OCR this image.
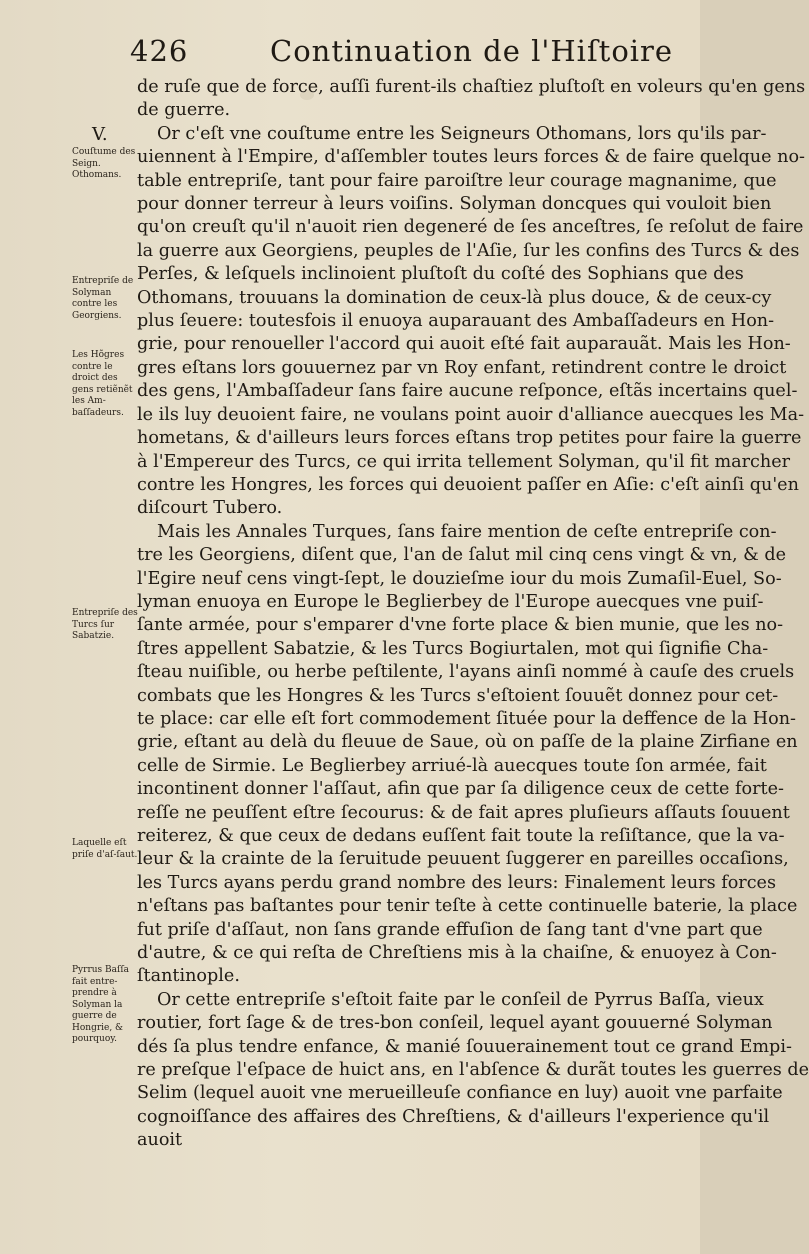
426	Continuation de l'Hiſtoire
V.
Couſtume des Seign. Othomans.
Entrepriſe de Solyman contre les Georgiens.
Les Hõgres contre le droict des gens retiẽnẽt les Am-baſſadeurs.
Entrepriſe des Turcs ſur Sabatzie.
Laquelle eſt priſe d'aſ-ſaut.
Pyrrus Baſſa fait entre-prendre à Solyman la guerre de Hongrie, & pourquoy.

de ruſe que de force, auſſi furent-ils chaſtiez pluſtoſt en voleurs qu'en gens
de guerre.

Or c'eſt vne couſtume entre les Seigneurs Othomans, lors qu'ils par-
uiennent à l'Empire, d'aſſembler toutes leurs forces & de faire quelque no-
table entrepriſe, tant pour faire paroiſtre leur courage magnanime, que
pour donner terreur à leurs voiſins. Solyman doncques qui vouloit bien
qu'on creuſt qu'il n'auoit rien degeneré de ſes anceſtres, ſe reſolut de faire
la guerre aux Georgiens, peuples de l'Aſie, ſur les confins des Turcs & des
Perſes, & leſquels inclinoient pluſtoſt du coſté des Sophians que des
Othomans, trouuans la domination de ceux-là plus douce, & de ceux-cy
plus ſeuere: toutesfois il enuoya auparauant des Ambaſſadeurs en Hon-
grie, pour renoueller l'accord qui auoit eſté fait auparauãt. Mais les Hon-
gres eſtans lors gouuernez par vn Roy enfant, retindrent contre le droict
des gens, l'Ambaſſadeur ſans faire aucune reſponce, eſtãs incertains quel-
le ils luy deuoient faire, ne voulans point auoir d'alliance auecques les Ma-
hometans, & d'ailleurs leurs forces eſtans trop petites pour faire la guerre
à l'Empereur des Turcs, ce qui irrita tellement Solyman, qu'il fit marcher
contre les Hongres, les forces qui deuoient paſſer en Aſie: c'eſt ainſi qu'en
diſcourt Tubero.

Mais les Annales Turques, ſans faire mention de ceſte entrepriſe con-
tre les Georgiens, diſent que, l'an de ſalut mil cinq cens vingt & vn, & de
l'Egire neuf cens vingt-ſept, le douzieſme iour du mois Zumaſil-Euel, So-
lyman enuoya en Europe le Beglierbey de l'Europe auecques vne puiſ-
ſante armée, pour s'emparer d'vne forte place & bien munie, que les no-
ſtres appellent Sabatzie, & les Turcs Bogiurtalen, mot qui ſignifie Cha-
ſteau nuiſible, ou herbe peſtilente, l'ayans ainſi nommé à cauſe des cruels
combats que les Hongres & les Turcs s'eſtoient ſouuẽt donnez pour cet-
te place: car elle eſt fort commodement ſituée pour la deffence de la Hon-
grie, eſtant au delà du fleuue de Saue, où on paſſe de la plaine Zirfiane en
celle de Sirmie. Le Beglierbey arriué-là auecques toute ſon armée, fait
incontinent donner l'aſſaut, afin que par ſa diligence ceux de cette forte-
reſſe ne peuſſent eſtre ſecourus: & de fait apres pluſieurs aſſauts ſouuent
reiterez, & que ceux de dedans euſſent fait toute la reſiſtance, que la va-
leur & la crainte de la ſeruitude peuuent ſuggerer en pareilles occaſions,
les Turcs ayans perdu grand nombre des leurs: Finalement leurs forces
n'eſtans pas baſtantes pour tenir teſte à cette continuelle baterie, la place
fut priſe d'aſſaut, non ſans grande effuſion de ſang tant d'vne part que
d'autre, & ce qui reſta de Chreſtiens mis à la chaiſne, & enuoyez à Con-
ſtantinople.

Or cette entrepriſe s'eſtoit faite par le conſeil de Pyrrus Baſſa, vieux
routier, fort ſage & de tres-bon conſeil, lequel ayant gouuerné Solyman
dés ſa plus tendre enfance, & manié ſouuerainement tout ce grand Empi-
re preſque l'eſpace de huict ans, en l'abſence & durãt toutes les guerres de
Selim (lequel auoit vne merueilleuſe confiance en luy) auoit vne parfaite
cognoiſſance des affaires des Chreſtiens, & d'ailleurs l'experience qu'il
auoit
